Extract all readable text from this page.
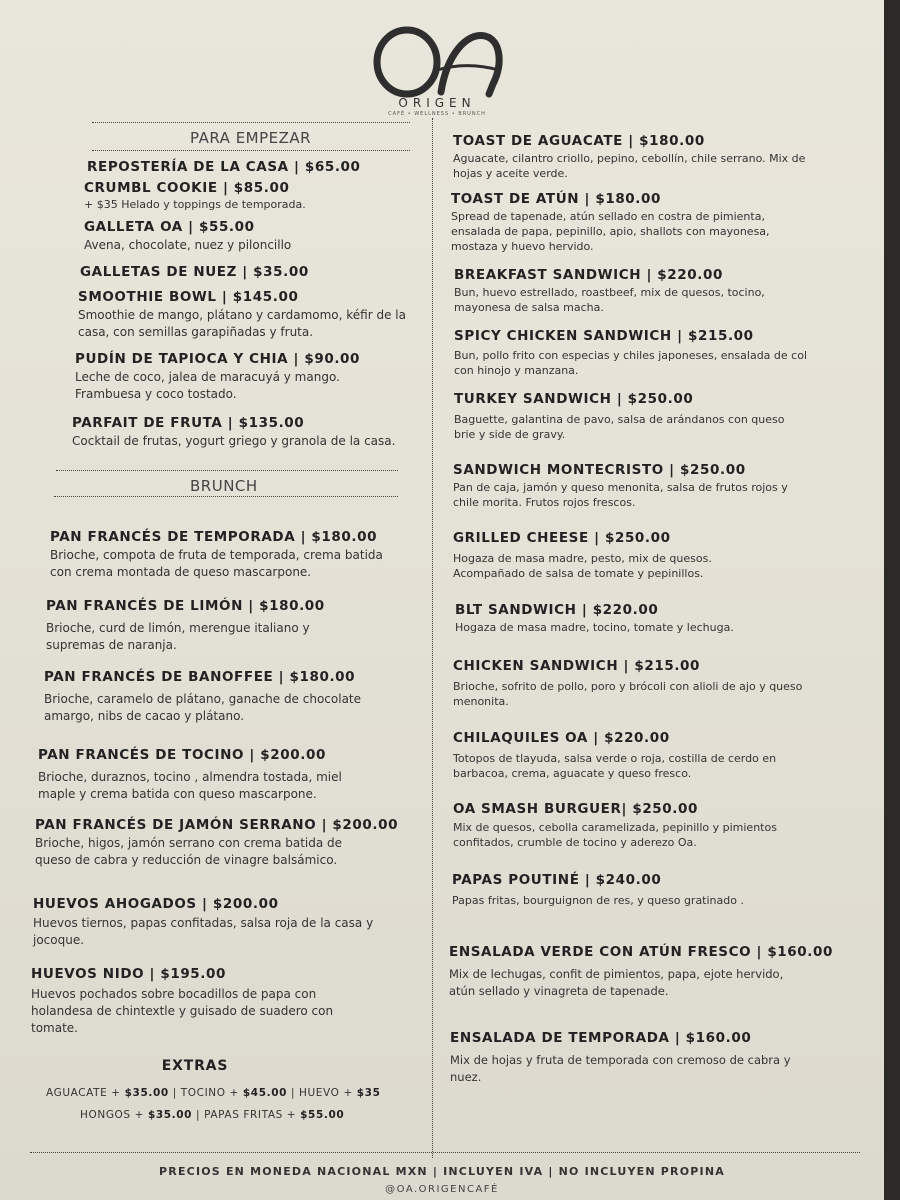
ORIGEN
CAFÉ • WELLNESS • BRUNCH
PARA EMPEZAR
REPOSTERÍA DE LA CASA | $65.00
CRUMBL COOKIE | $85.00
+ $35 Helado y toppings de temporada.
GALLETA OA | $55.00
Avena, chocolate, nuez y piloncillo
GALLETAS DE NUEZ | $35.00
SMOOTHIE BOWL | $145.00
Smoothie de mango, plátano y cardamomo, kéfir de la casa, con semillas garapiñadas y fruta.
PUDÍN DE TAPIOCA Y CHIA | $90.00
Leche de coco, jalea de maracuyá y mango. Frambuesa y coco tostado.
PARFAIT DE FRUTA | $135.00
Cocktail de frutas, yogurt griego y granola de la casa.
BRUNCH
PAN FRANCÉS DE TEMPORADA | $180.00
Brioche, compota de fruta de temporada, crema batida con crema montada de queso mascarpone.
PAN FRANCÉS DE LIMÓN | $180.00
Brioche, curd de limón, merengue italiano y supremas de naranja.
PAN FRANCÉS DE BANOFFEE | $180.00
Brioche, caramelo de plátano, ganache de chocolate amargo, nibs de cacao y plátano.
PAN FRANCÉS DE TOCINO | $200.00
Brioche, duraznos, tocino , almendra tostada, miel maple y crema batida con queso mascarpone.
PAN FRANCÉS DE JAMÓN SERRANO | $200.00
Brioche, higos, jamón serrano con crema batida de queso de cabra y reducción de vinagre balsámico.
HUEVOS AHOGADOS | $200.00
Huevos tiernos, papas confitadas, salsa roja de la casa y jocoque.
HUEVOS NIDO | $195.00
Huevos pochados sobre bocadillos de papa con holandesa de chintextle y guisado de suadero con tomate.
EXTRAS
AGUACATE + $35.00 | TOCINO + $45.00 | HUEVO + $35
HONGOS + $35.00 | PAPAS FRITAS + $55.00
TOAST DE AGUACATE | $180.00
Aguacate, cilantro criollo, pepino, cebollín, chile serrano. Mix de hojas y aceite verde.
TOAST DE ATÚN | $180.00
Spread de tapenade, atún sellado en costra de pimienta, ensalada de papa, pepinillo, apio, shallots con mayonesa, mostaza y huevo hervido.
BREAKFAST SANDWICH | $220.00
Bun, huevo estrellado, roastbeef, mix de quesos, tocino, mayonesa de salsa macha.
SPICY CHICKEN SANDWICH | $215.00
Bun, pollo frito con especias y chiles japoneses, ensalada de col con hinojo y manzana.
TURKEY SANDWICH | $250.00
Baguette, galantina de pavo, salsa de arándanos con queso brie y side de gravy.
SANDWICH MONTECRISTO | $250.00
Pan de caja, jamón y queso menonita, salsa de frutos rojos y chile morita. Frutos rojos frescos.
GRILLED CHEESE | $250.00
Hogaza de masa madre, pesto, mix de quesos. Acompañado de salsa de tomate y pepinillos.
BLT SANDWICH | $220.00
Hogaza de masa madre, tocino, tomate y lechuga.
CHICKEN SANDWICH | $215.00
Brioche, sofrito de pollo, poro y brócoli con alioli de ajo y queso menonita.
CHILAQUILES OA | $220.00
Totopos de tlayuda, salsa verde o roja, costilla de cerdo en barbacoa, crema, aguacate y queso fresco.
OA SMASH BURGUER| $250.00
Mix de quesos, cebolla caramelizada, pepinillo y pimientos confitados, crumble de tocino y aderezo Oa.
PAPAS POUTINÉ | $240.00
Papas fritas, bourguignon de res, y queso gratinado .
ENSALADA VERDE CON ATÚN FRESCO | $160.00
Mix de lechugas, confit de pimientos, papa, ejote hervido, atún sellado y vinagreta de tapenade.
ENSALADA DE TEMPORADA | $160.00
Mix de hojas y fruta de temporada con cremoso de cabra y nuez.
PRECIOS EN MONEDA NACIONAL MXN | INCLUYEN IVA | NO INCLUYEN PROPINA
@OA.ORIGENCAFÉ
